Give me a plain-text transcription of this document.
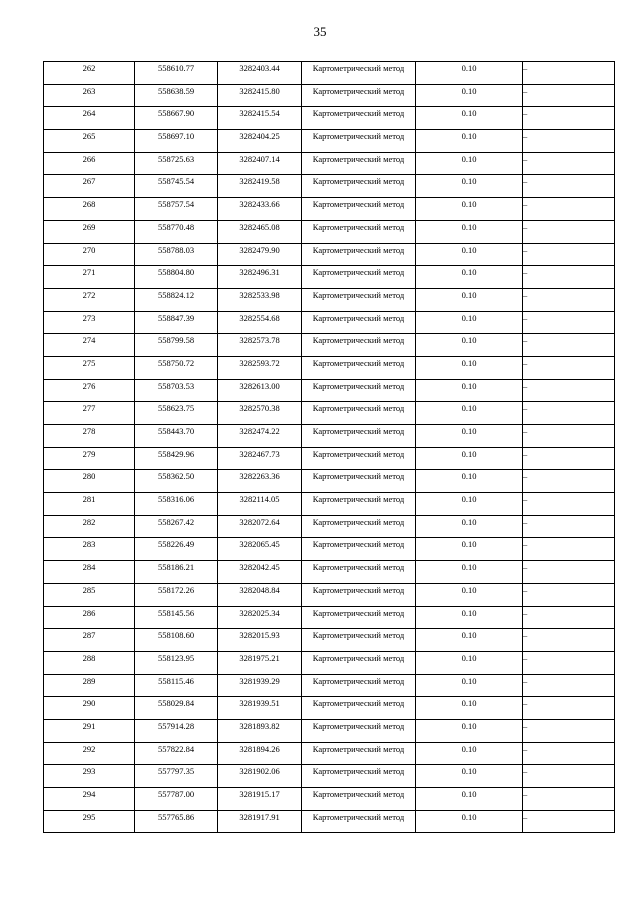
35
262	558610.77	3282403.44	Картометрический метод	0.10	–

263	558638.59	3282415.80	Картометрический метод	0.10	–

264	558667.90	3282415.54	Картометрический метод	0.10	–

265	558697.10	3282404.25	Картометрический метод	0.10	–

266	558725.63	3282407.14	Картометрический метод	0.10	–

267	558745.54	3282419.58	Картометрический метод	0.10	–

268	558757.54	3282433.66	Картометрический метод	0.10	–

269	558770.48	3282465.08	Картометрический метод	0.10	–

270	558788.03	3282479.90	Картометрический метод	0.10	–

271	558804.80	3282496.31	Картометрический метод	0.10	–

272	558824.12	3282533.98	Картометрический метод	0.10	–

273	558847.39	3282554.68	Картометрический метод	0.10	–

274	558799.58	3282573.78	Картометрический метод	0.10	–

275	558750.72	3282593.72	Картометрический метод	0.10	–

276	558703.53	3282613.00	Картометрический метод	0.10	–

277	558623.75	3282570.38	Картометрический метод	0.10	–

278	558443.70	3282474.22	Картометрический метод	0.10	–

279	558429.96	3282467.73	Картометрический метод	0.10	–

280	558362.50	3282263.36	Картометрический метод	0.10	–

281	558316.06	3282114.05	Картометрический метод	0.10	–

282	558267.42	3282072.64	Картометрический метод	0.10	–

283	558226.49	3282065.45	Картометрический метод	0.10	–

284	558186.21	3282042.45	Картометрический метод	0.10	–

285	558172.26	3282048.84	Картометрический метод	0.10	–

286	558145.56	3282025.34	Картометрический метод	0.10	–

287	558108.60	3282015.93	Картометрический метод	0.10	–

288	558123.95	3281975.21	Картометрический метод	0.10	–

289	558115.46	3281939.29	Картометрический метод	0.10	–

290	558029.84	3281939.51	Картометрический метод	0.10	–

291	557914.28	3281893.82	Картометрический метод	0.10	–

292	557822.84	3281894.26	Картометрический метод	0.10	–

293	557797.35	3281902.06	Картометрический метод	0.10	–

294	557787.00	3281915.17	Картометрический метод	0.10	–

295	557765.86	3281917.91	Картометрический метод	0.10	–
